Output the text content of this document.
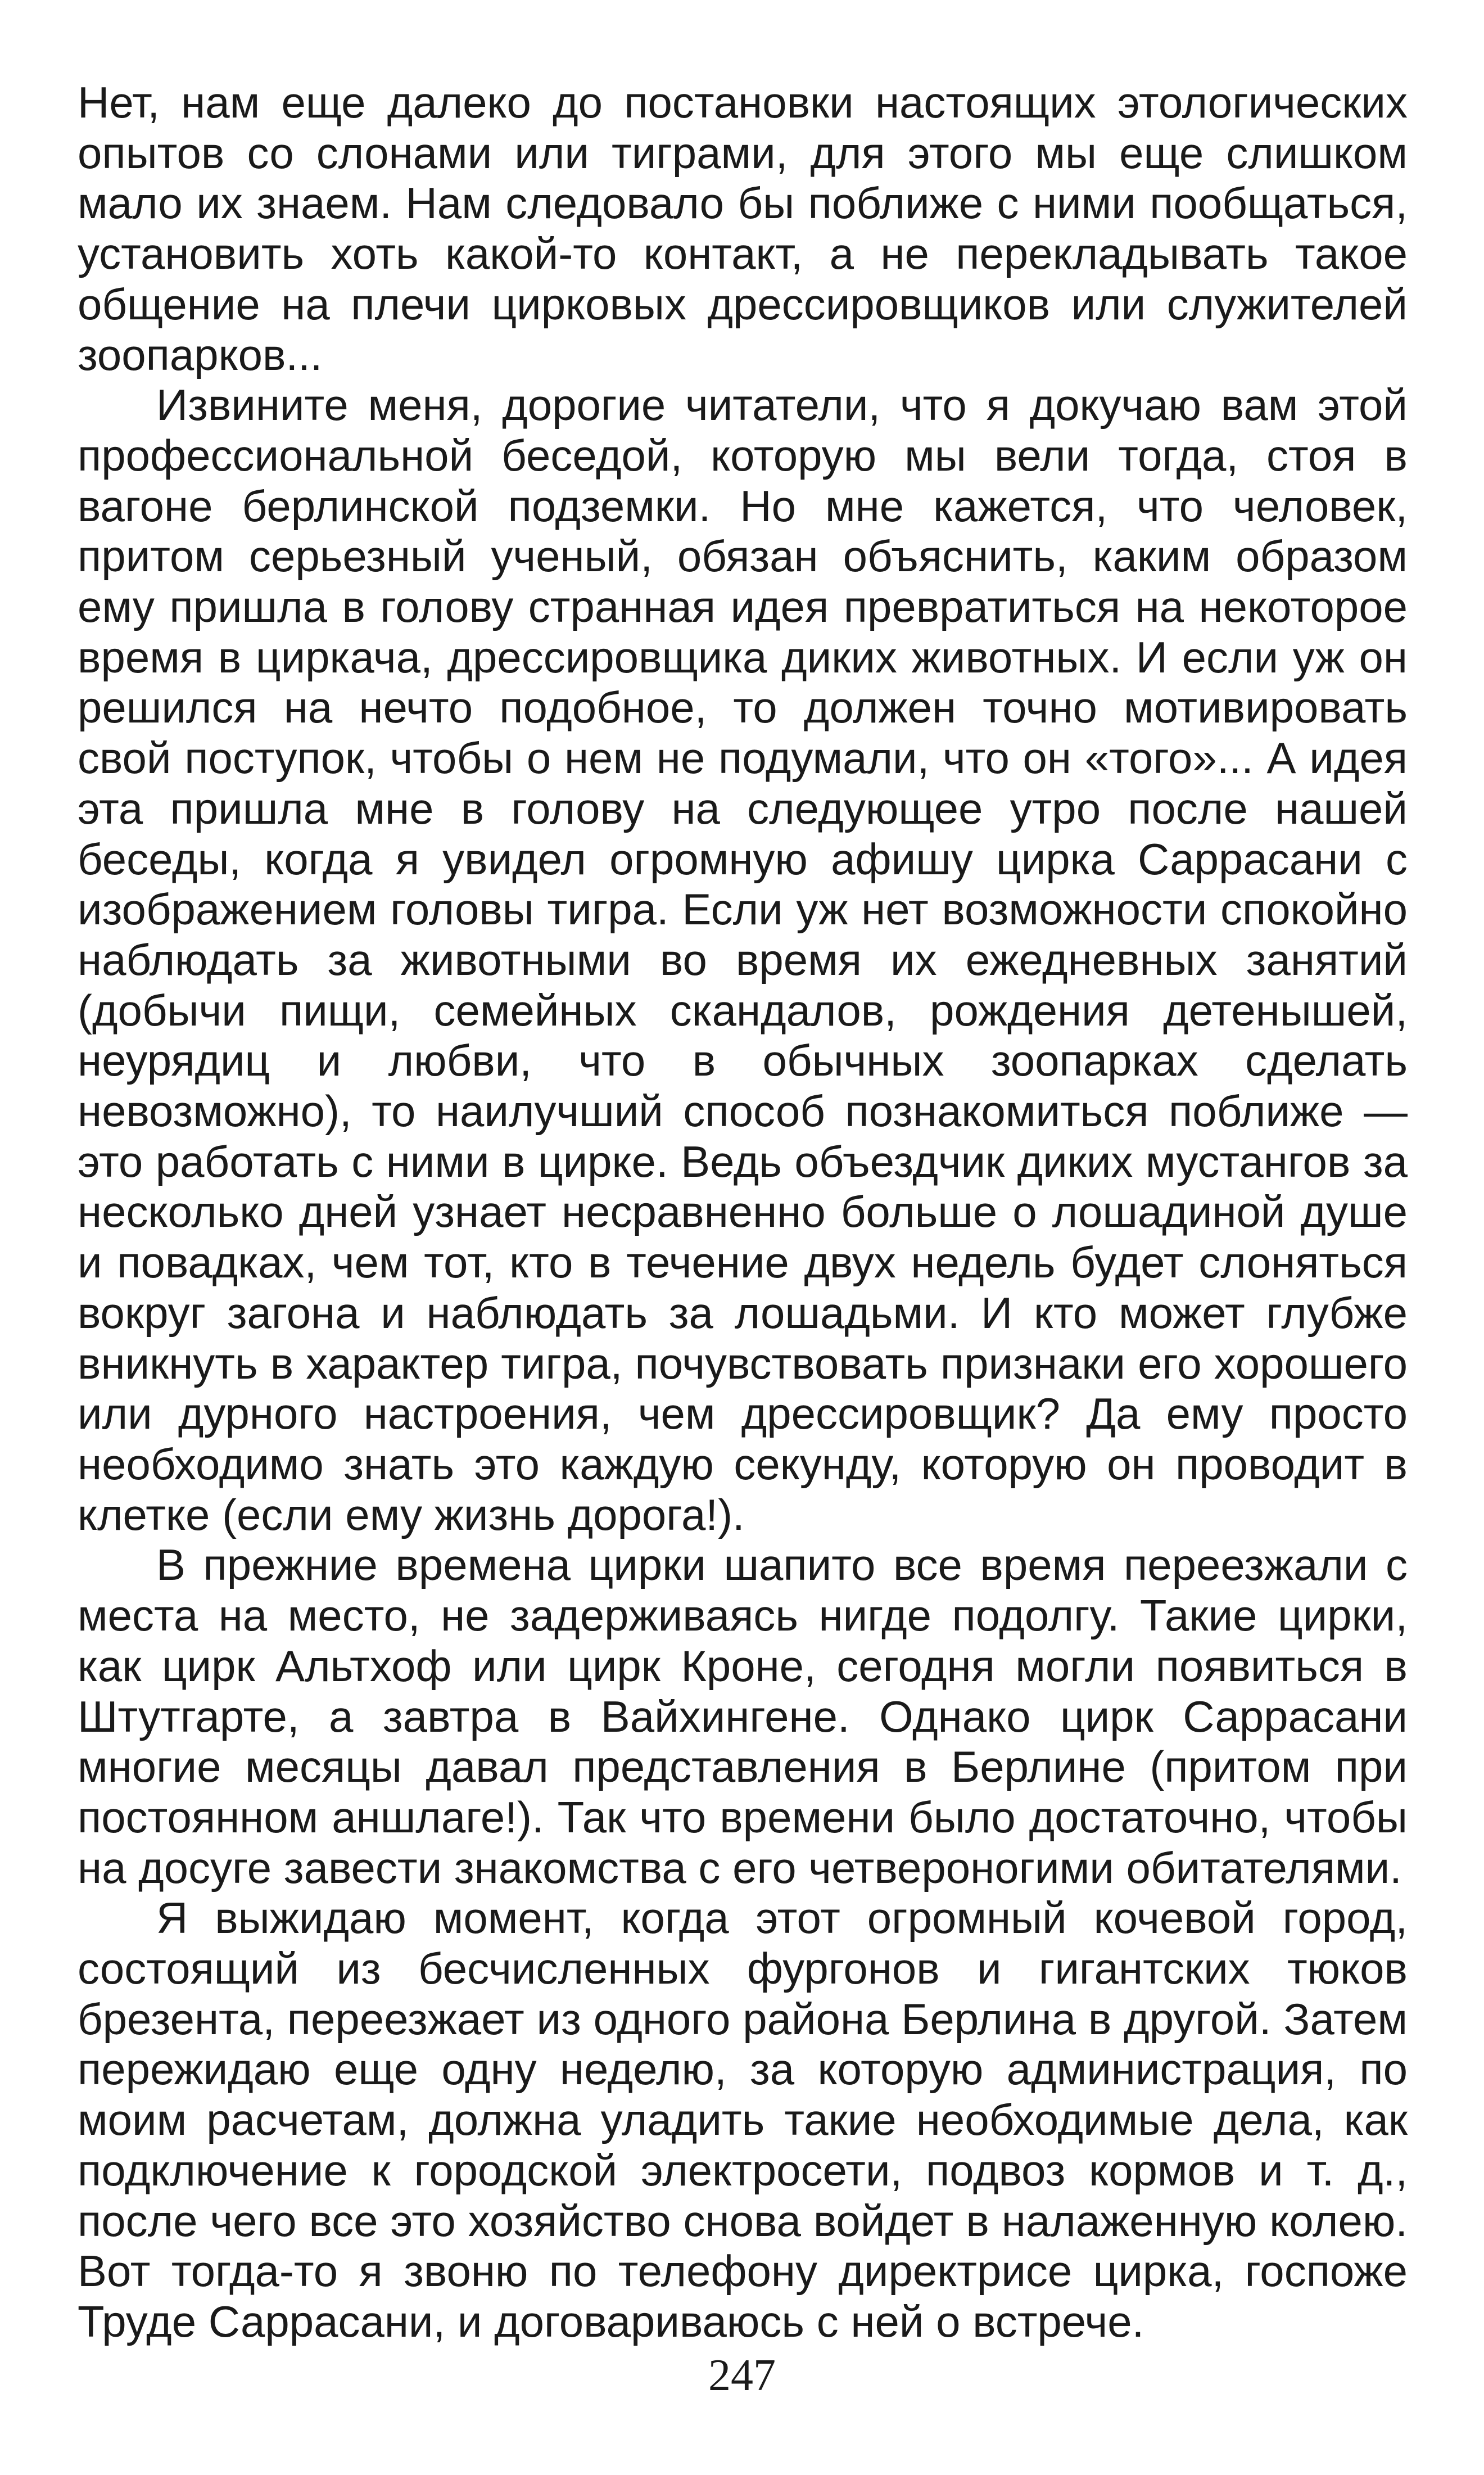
Нет, нам еще далеко до постановки настоящих этологических опытов со слонами или тиграми, для этого мы еще слишком мало их знаем. Нам следовало бы поближе с ними пообщаться, установить хоть какой-то контакт, а не перекладывать такое общение на плечи цирковых дрессировщиков или служителей зоопарков...

Извините меня, дорогие читатели, что я докучаю вам этой профессиональной беседой, которую мы вели тогда, стоя в вагоне берлинской подземки. Но мне кажется, что человек, притом серьезный ученый, обязан объяснить, каким образом ему пришла в голову странная идея превратиться на некоторое время в циркача, дрессировщика диких животных. И если уж он решился на нечто подобное, то должен точно мотивировать свой поступок, чтобы о нем не подумали, что он «того»... А идея эта пришла мне в голову на следующее утро после нашей беседы, когда я увидел огромную афишу цирка Саррасани с изображением головы тигра. Если уж нет возможности спокойно наблюдать за животными во время их ежедневных занятий (добычи пищи, семейных скандалов, рождения детенышей, неурядиц и любви, что в обычных зоопарках сделать невозможно), то наилучший способ познакомиться поближе — это работать с ними в цирке. Ведь объездчик диких мустангов за несколько дней узнает несравненно больше о лошадиной душе и повадках, чем тот, кто в течение двух недель будет слоняться вокруг загона и наблюдать за лошадьми. И кто может глубже вникнуть в характер тигра, почувствовать признаки его хорошего или дурного настроения, чем дрессировщик? Да ему просто необходимо знать это каждую секунду, которую он проводит в клетке (если ему жизнь дорога!).

В прежние времена цирки шапито все время переезжали с места на место, не задерживаясь нигде подолгу. Такие цирки, как цирк Альтхоф или цирк Кроне, сегодня могли появиться в Штутгарте, а завтра в Вайхингене. Однако цирк Саррасани многие месяцы давал представления в Берлине (притом при постоянном аншлаге!). Так что времени было достаточно, чтобы на досуге завести знакомства с его четвероногими обитателями.

Я выжидаю момент, когда этот огромный кочевой город, состоящий из бесчисленных фургонов и гигантских тюков брезента, переезжает из одного района Берлина в другой. Затем пережидаю еще одну неделю, за которую администрация, по моим расчетам, должна уладить такие необходимые дела, как подключение к городской электросети, подвоз кормов и т. д., после чего все это хозяйство снова войдет в налаженную колею. Вот тогда-то я звоню по телефону директрисе цирка, госпоже Труде Саррасани, и договариваюсь с ней о встрече.

247
